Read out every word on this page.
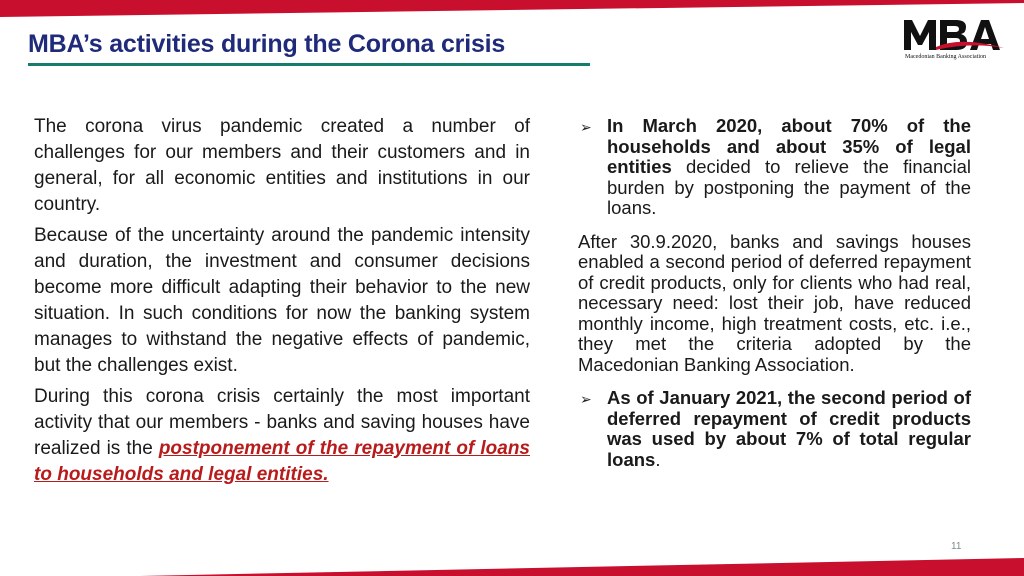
MBA’s activities during the Corona crisis	Macedonian Banking Association

The corona virus pandemic created a number of challenges for our members and their customers and in general, for all economic entities and institutions in our country.

Because of the uncertainty around the pandemic intensity and duration, the investment and consumer decisions become more difficult adapting their behavior to the new situation. In such conditions for now the banking system manages to withstand the negative effects of pandemic, but the challenges exist.

During this corona crisis certainly the most important activity that our members - banks and saving houses have realized is the postponement of the repayment of loans to households and legal entities.

➢ In March 2020, about 70% of the households and about 35% of legal entities decided to relieve the financial burden by postponing the payment of the loans.
After 30.9.2020, banks and savings houses enabled a second period of deferred repayment of credit products, only for clients who had real, necessary need: lost their job, have reduced monthly income, high treatment costs, etc. i.e., they met the criteria adopted by the Macedonian Banking Association.
➢ As of January 2021, the second period of deferred repayment of credit products was used by about 7% of total regular loans.
11
